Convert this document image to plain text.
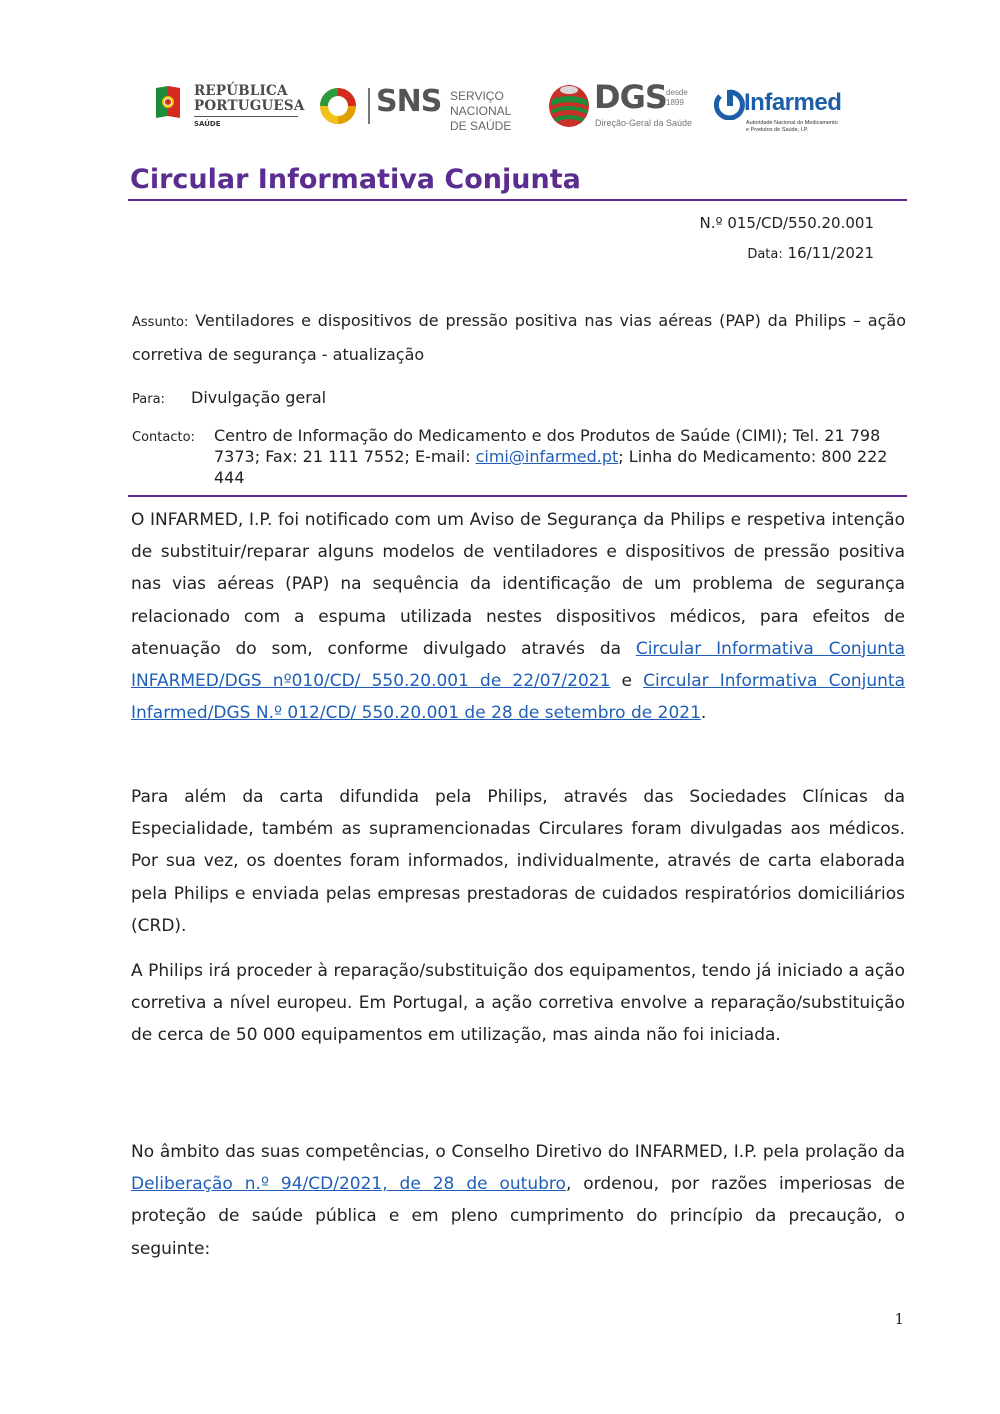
REPÚBLICA
PORTUGUESA
SAÚDE
SNS SERVIÇO NACIONAL
DE SAÚDE
DGS desde
1899
Direção-Geral da Saúde
Infarmed
Autoridade Nacional do Medicamento
e Produtos de Saúde, I.P.
Circular Informativa Conjunta
N.º 015/CD/550.20.001
Data: 16/11/2021
Assunto: Ventiladores e dispositivos de pressão positiva nas vias aéreas (PAP) da Philips – ação corretiva de segurança - atualização
Para: Divulgação geral
Contacto: Centro de Informação do Medicamento e dos Produtos de Saúde (CIMI); Tel. 21 798 7373; Fax: 21 111 7552; E-mail: cimi@infarmed.pt; Linha do Medicamento: 800 222 444

O INFARMED, I.P. foi notificado com um Aviso de Segurança da Philips e respetiva intenção de substituir/reparar alguns modelos de ventiladores e dispositivos de pressão positiva nas vias aéreas (PAP) na sequência da identificação de um problema de segurança relacionado com a espuma utilizada nestes dispositivos médicos, para efeitos de atenuação do som, conforme divulgado através da Circular Informativa Conjunta INFARMED/DGS nº010/CD/ 550.20.001 de 22/07/2021 e Circular Informativa Conjunta Infarmed/DGS N.º 012/CD/ 550.20.001 de 28 de setembro de 2021.

Para além da carta difundida pela Philips, através das Sociedades Clínicas da Especialidade, também as supramencionadas Circulares foram divulgadas aos médicos. Por sua vez, os doentes foram informados, individualmente, através de carta elaborada pela Philips e enviada pelas empresas prestadoras de cuidados respiratórios domiciliários (CRD).

A Philips irá proceder à reparação/substituição dos equipamentos, tendo já iniciado a ação corretiva a nível europeu. Em Portugal, a ação corretiva envolve a reparação/substituição de cerca de 50 000 equipamentos em utilização, mas ainda não foi iniciada.

No âmbito das suas competências, o Conselho Diretivo do INFARMED, I.P. pela prolação da Deliberação n.º 94/CD/2021, de 28 de outubro, ordenou, por razões imperiosas de proteção de saúde pública e em pleno cumprimento do princípio da precaução, o seguinte:

1
